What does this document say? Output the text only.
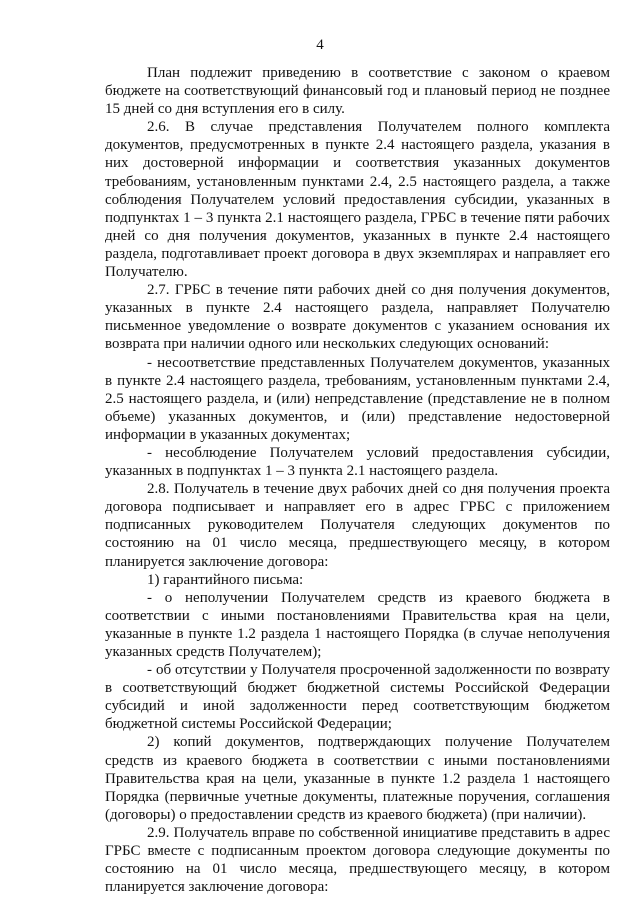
4

План подлежит приведению в соответствие с законом о краевом бюджете на соответствующий финансовый год и плановый период не позднее 15 дней со дня вступления его в силу.

2.6. В случае представления Получателем полного комплекта документов, предусмотренных в пункте 2.4 настоящего раздела, указания в них достоверной информации и соответствия указанных документов требованиям, установленным пунктами 2.4, 2.5 настоящего раздела, а также соблюдения Получателем условий предоставления субсидии, указанных в подпунктах 1 – 3 пункта 2.1 настоящего раздела, ГРБС в течение пяти рабочих дней со дня получения документов, указанных в пункте 2.4 настоящего раздела, подготавливает проект договора в двух экземплярах и направляет его Получателю.

2.7. ГРБС в течение пяти рабочих дней со дня получения документов, указанных в пункте 2.4 настоящего раздела, направляет Получателю письменное уведомление о возврате документов с указанием основания их возврата при наличии одного или нескольких следующих оснований:

- несоответствие представленных Получателем документов, указанных в пункте 2.4 настоящего раздела, требованиям, установленным пунктами 2.4, 2.5 настоящего раздела, и (или) непредставление (представление не в полном объеме) указанных документов, и (или) представление недостоверной информации в указанных документах;

- несоблюдение Получателем условий предоставления субсидии, указанных в подпунктах 1 – 3 пункта 2.1 настоящего раздела.

2.8. Получатель в течение двух рабочих дней со дня получения проекта договора подписывает и направляет его в адрес ГРБС с приложением подписанных руководителем Получателя следующих документов по состоянию на 01 число месяца, предшествующего месяцу, в котором планируется заключение договора:

1) гарантийного письма:

- о неполучении Получателем средств из краевого бюджета в соответствии с иными постановлениями Правительства края на цели, указанные в пункте 1.2 раздела 1 настоящего Порядка (в случае неполучения указанных средств Получателем);

- об отсутствии у Получателя просроченной задолженности по возврату в соответствующий бюджет бюджетной системы Российской Федерации субсидий и иной задолженности перед соответствующим бюджетом бюджетной системы Российской Федерации;

2) копий документов, подтверждающих получение Получателем средств из краевого бюджета в соответствии с иными постановлениями Правительства края на цели, указанные в пункте 1.2 раздела 1 настоящего Порядка (первичные учетные документы, платежные поручения, соглашения (договоры) о предоставлении средств из краевого бюджета) (при наличии).

2.9. Получатель вправе по собственной инициативе представить в адрес ГРБС вместе с подписанным проектом договора следующие документы по состоянию на 01 число месяца, предшествующего месяцу, в котором планируется заключение договора:
